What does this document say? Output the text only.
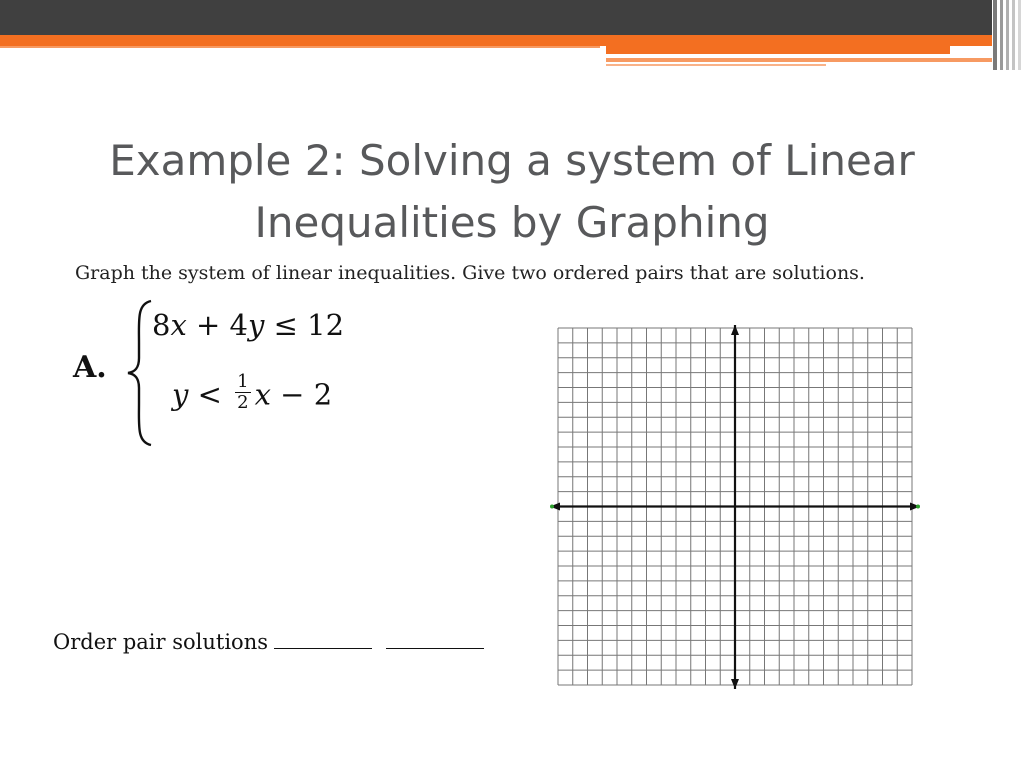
Example 2: Solving a system of Linear
Inequalities by Graphing
Graph the system of linear inequalities. Give two ordered pairs that are solutions.
A.
8x + 4y ≤ 12
$y < \frac{1}{2}$ x − 2
Order pair solutions
